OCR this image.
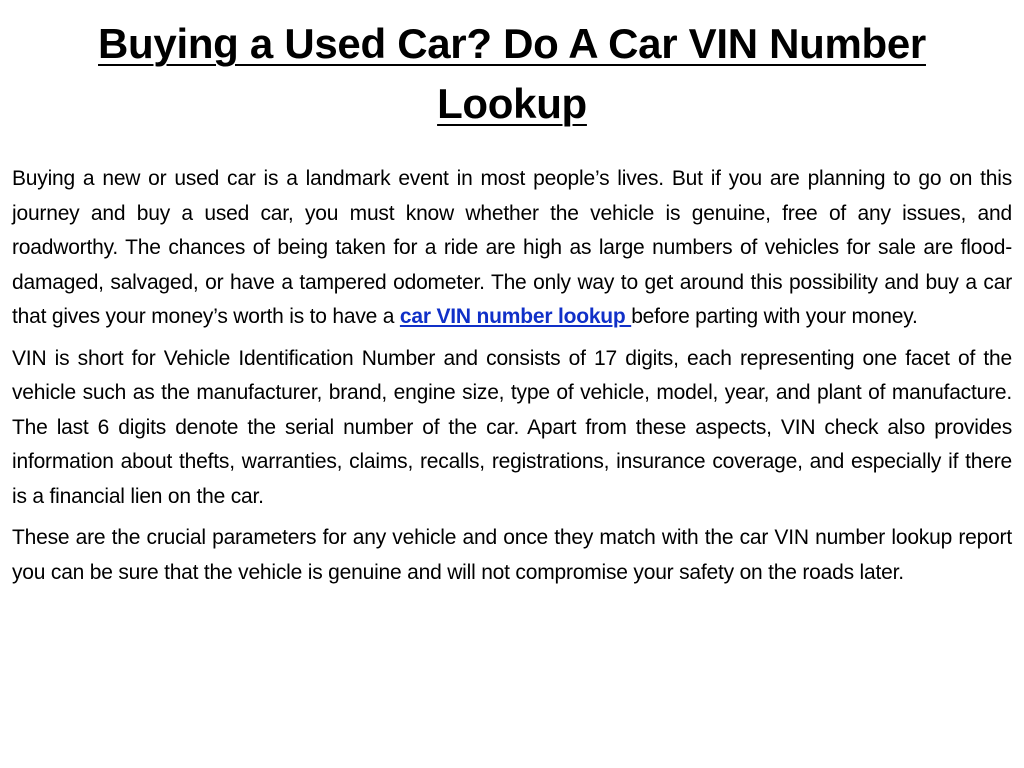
Buying a Used Car? Do A Car VIN Number
Lookup

Buying a new or used car is a landmark event in most people’s lives. But if you are planning to go on this journey and buy a used car, you must know whether the vehicle is genuine, free of any issues, and roadworthy. The chances of being taken for a ride are high as large numbers of vehicles for sale are flood-damaged, salvaged, or have a tampered odometer. The only way to get around this possibility and buy a car that gives your money’s worth is to have a car VIN number lookup before parting with your money.

VIN is short for Vehicle Identification Number and consists of 17 digits, each representing one facet of the vehicle such as the manufacturer, brand, engine size, type of vehicle, model, year, and plant of manufacture. The last 6 digits denote the serial number of the car. Apart from these aspects, VIN check also provides information about thefts, warranties, claims, recalls, registrations, insurance coverage, and especially if there is a financial lien on the car.

These are the crucial parameters for any vehicle and once they match with the car VIN number lookup report you can be sure that the vehicle is genuine and will not compromise your safety on the roads later.
